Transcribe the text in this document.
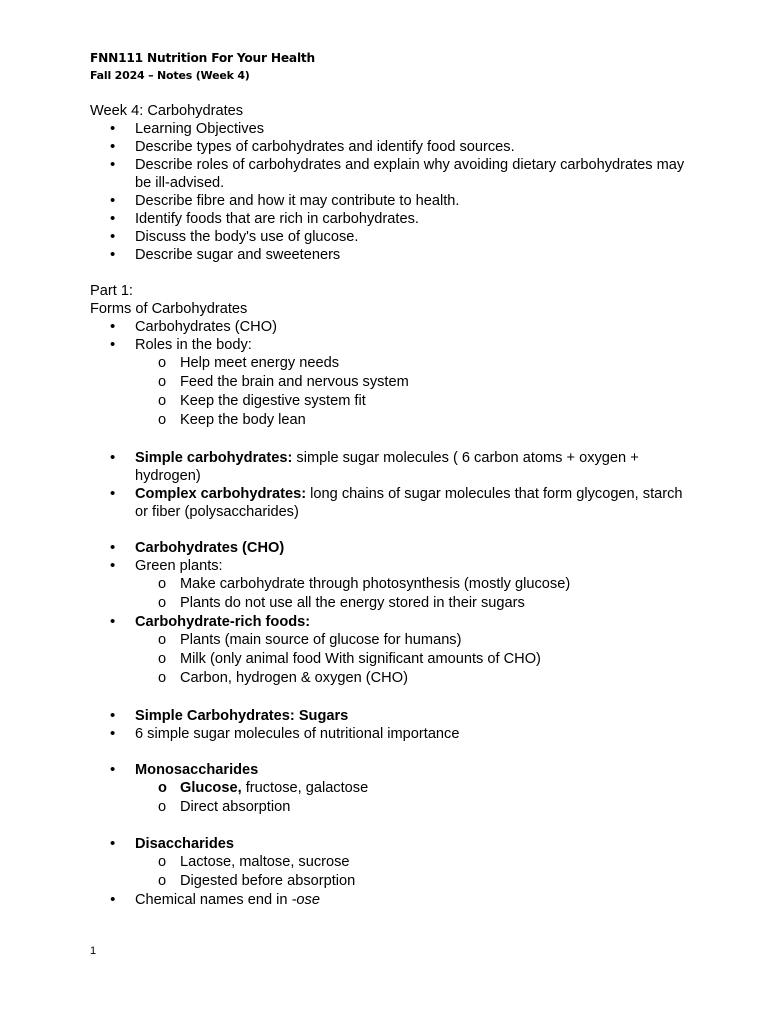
FNN111 Nutrition For Your Health
Fall 2024 – Notes (Week 4)

Week 4: Carbohydrates

• Learning Objectives

• Describe types of carbohydrates and identify food sources.

• Describe roles of carbohydrates and explain why avoiding dietary carbohydrates may be ill-advised.

• Describe fibre and how it may contribute to health.

• Identify foods that are rich in carbohydrates.

• Discuss the body's use of glucose.

• Describe sugar and sweeteners

Part 1:

Forms of Carbohydrates

• Carbohydrates (CHO)

• Roles in the body:

o Help meet energy needs

o Feed the brain and nervous system

o Keep the digestive system fit

o Keep the body lean

• Simple carbohydrates: simple sugar molecules ( 6 carbon atoms + oxygen + hydrogen)

• Complex carbohydrates: long chains of sugar molecules that form glycogen, starch or fiber (polysaccharides)

• Carbohydrates (CHO)

• Green plants:

o Make carbohydrate through photosynthesis (mostly glucose)

o Plants do not use all the energy stored in their sugars

• Carbohydrate-rich foods:

o Plants (main source of glucose for humans)

o Milk (only animal food With significant amounts of CHO)

o Carbon, hydrogen & oxygen (CHO)

• Simple Carbohydrates: Sugars

• 6 simple sugar molecules of nutritional importance

• Monosaccharides

o Glucose, fructose, galactose

o Direct absorption

• Disaccharides

o Lactose, maltose, sucrose

o Digested before absorption

• Chemical names end in -ose

1
